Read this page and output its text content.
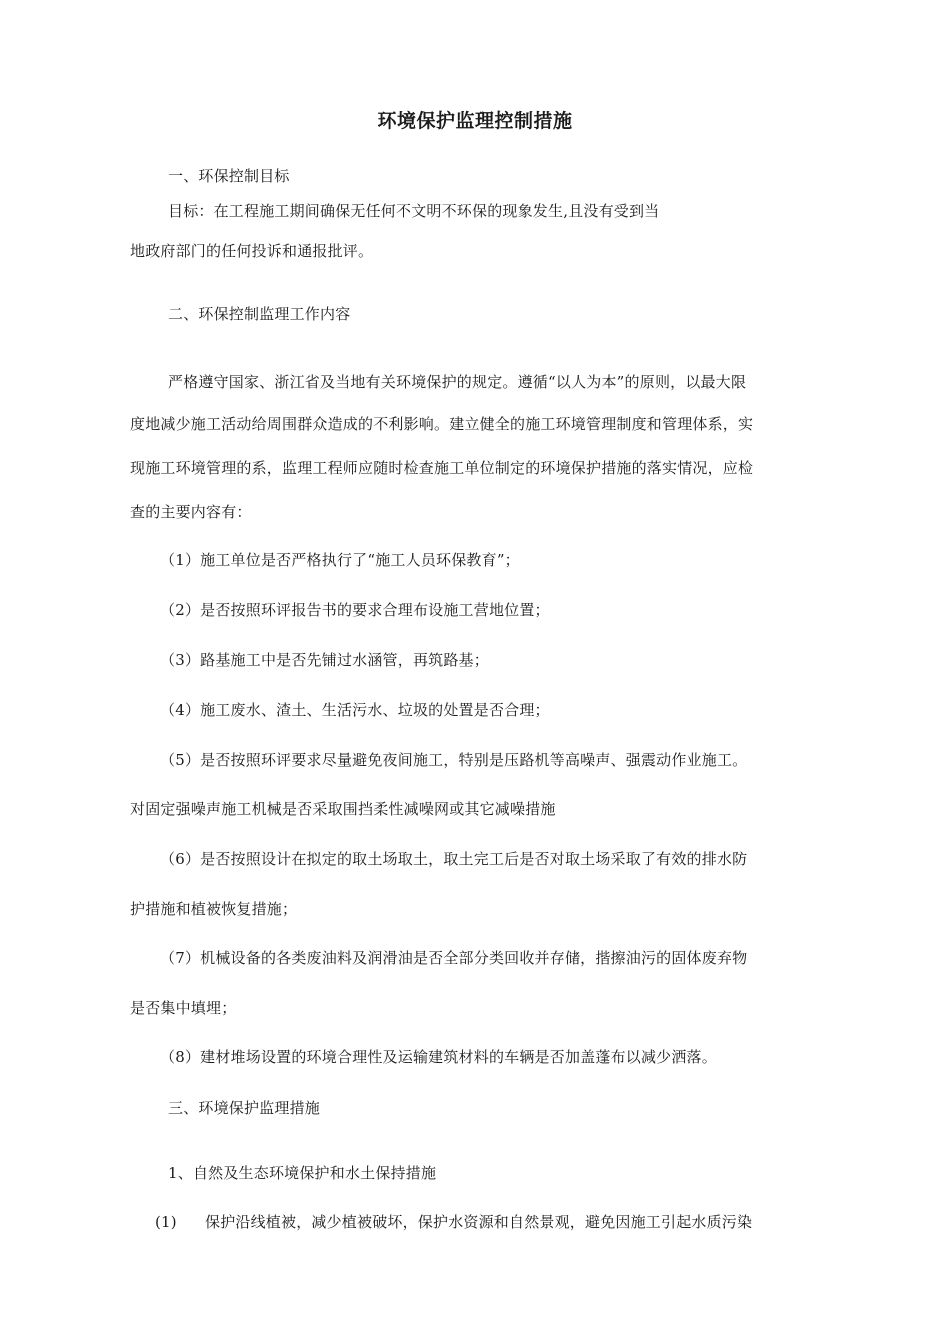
环境保护监理控制措施
一、环保控制目标
目标：在工程施工期间确保无任何不文明不环保的现象发生,且没有受到当
地政府部门的任何投诉和通报批评。
二、环保控制监理工作内容
严格遵守国家、浙江省及当地有关环境保护的规定。遵循“以人为本”的原则，以最大限
度地减少施工活动给周围群众造成的不利影响。建立健全的施工环境管理制度和管理体系，实
现施工环境管理的系，监理工程师应随时检查施工单位制定的环境保护措施的落实情况，应检
查的主要内容有：
（1）施工单位是否严格执行了“施工人员环保教育”；
（2）是否按照环评报告书的要求合理布设施工营地位置；
（3）路基施工中是否先铺过水涵管，再筑路基；
（4）施工废水、渣土、生活污水、垃圾的处置是否合理；
（5）是否按照环评要求尽量避免夜间施工，特别是压路机等高噪声、强震动作业施工。
对固定强噪声施工机械是否采取围挡柔性减噪网或其它减噪措施
（6）是否按照设计在拟定的取土场取土，取土完工后是否对取土场采取了有效的排水防
护措施和植被恢复措施；
（7）机械设备的各类废油料及润滑油是否全部分类回收并存储，揩擦油污的固体废弃物
是否集中填埋；
（8）建材堆场设置的环境合理性及运输建筑材料的车辆是否加盖蓬布以减少洒落。
三、环境保护监理措施
1、自然及生态环境保护和水土保持措施
(1) 保护沿线植被，减少植被破坏，保护水资源和自然景观，避免因施工引起水质污染
